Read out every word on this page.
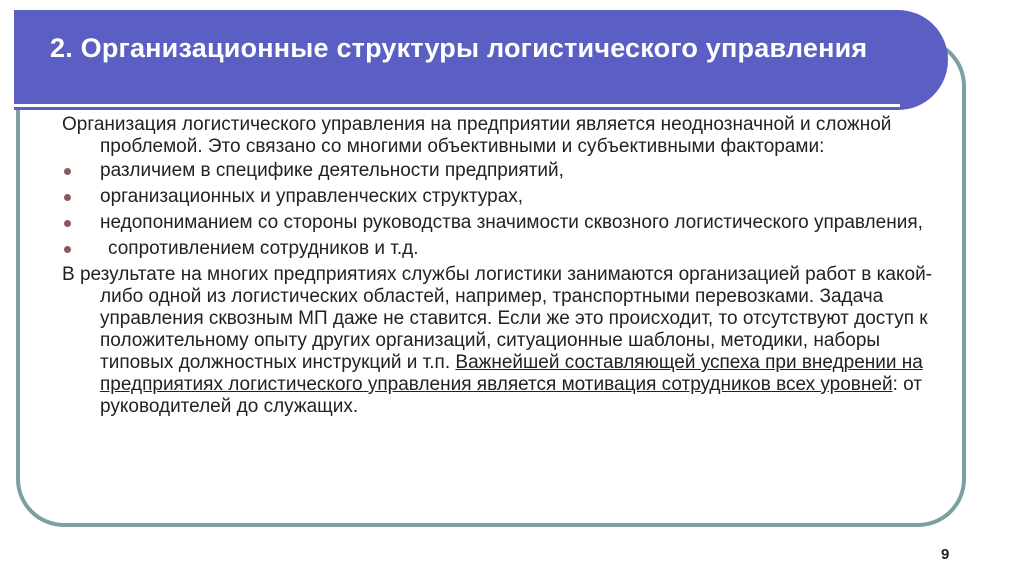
2. Организационные структуры логистического управления

Организация логистического управления на предприятии является неоднозначной и сложной проблемой. Это связано со многими объективными и субъективными факторами:

различием в специфике деятельности предприятий,
организационных и управленческих структурах,
недопониманием со стороны руководства значимости сквозного логистического управления,
сопротивлением сотрудников и т.д.

В результате на многих предприятиях службы логистики занимаются организацией работ в какой-либо одной из логистических областей, например, транспортными перевозками. Задача управления сквозным МП даже не ставится. Если же это происходит, то отсутствуют доступ к положительному опыту других организаций, ситуационные шаблоны, методики, наборы типовых должностных инструкций и т.п. Важнейшей составляющей успеха при внедрении на предприятиях логистического управления является мотивация сотрудников всех уровней: от руководителей до служащих.

9
